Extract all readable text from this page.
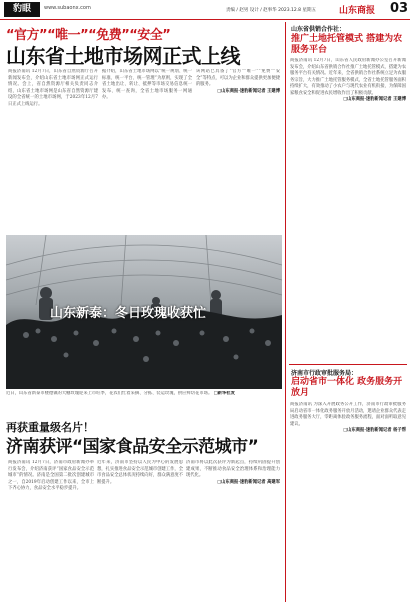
豹眼	www.subaonx.com	责编 / 赵男 设计 / 赵事华 2023.12.8 星期五	山东商报 03
“官方”“唯一”“免费”“安全”
山东省土地市场网正式上线
商报济南讯 12月7日，山东省自然资源厅召开新闻发布会，介绍山东省土地市场网正式运行情况。会上，省自然资源厅相关负责同志介绍，山东省土地市场网是山东省自然资源厅建设的全省统一的土地市场网，于2023年12月7日正式上线运行。
据介绍，山东省土地市场网以“统一规划、统一标准、统一平台、统一管理”为原则，实现了全省土地出让、转让、抵押等市场交易信息统一发布、统一查询，全省土地市场服务一网通办。

该网站已具备了“官方”“唯一”“免费”“安全”等特点，可以为企业和群众提供更加便捷的服务。

□山东商报·速豹新闻记者 王建博

山东新泰：冬日玫瑰收获忙
近日，山东省新泰市楼德镇的大棚玫瑰迎来上市旺季，花农们忙着采摘、分拣、装运玫瑰，供应鲜切花市场。 □新华社发
再获重量级名片！
济南获评“国家食品安全示范城市”
商报济南讯 12月7日，济南市政府新闻办举行发布会，介绍济南获评“国家食品安全示范城市”的情况。济南是全国第二批次创建城市之一，自2019年启动创建工作以来，全市上下齐心协力，食品安全水平稳步提升。
近年来，济南市坚持以人民为中心的发展思想，扎实推进食品安全示范城市创建工作，全市食品安全总体状况持续向好，群众满意度不断提升。

济南市将以此次获评为新起点，持续巩固提升创建成果，不断推动食品安全治理体系和治理能力现代化。

□山东商报·速豹新闻记者 高建军

山东省供销合作社：
推广土地托管模式 搭建为农服务平台

商报济南讯 12月7日，山东省人民政府新闻办公室召开新闻发布会，介绍山东省供销合作社推广土地托管模式、搭建为农服务平台有关情况。近年来，全省供销合作社系统立足为农服务宗旨，大力推广土地托管服务模式，全省土地托管服务面积持续扩大，有效推动了小农户与现代农业有机衔接，为保障国家粮食安全和促进农民增收作出了积极贡献。

□山东商报·速豹新闻记者 王建博

济南市行政审批服务局：
启动省市一体化 政务服务开放月

商报济南讯 为深入开展政务公开工作，济南市行政审批服务局启动省市一体化政务服务开放月活动，邀请企业群众代表走进政务服务大厅，零距离体验政务服务流程，面对面听取意见建议。

□山东商报·速豹新闻记者 杨子帮
